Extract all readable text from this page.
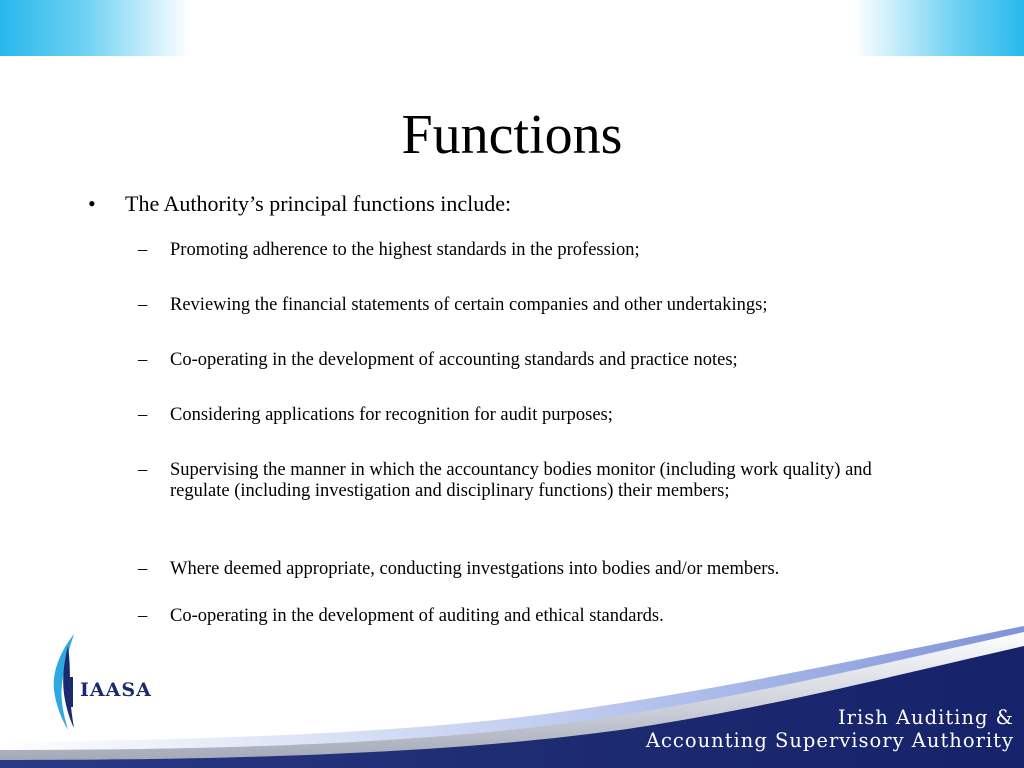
Functions
• The Authority’s principal functions include:
– Promoting adherence to the highest standards in the profession;
– Reviewing the financial statements of certain companies and other undertakings;
– Co-operating in the development of accounting standards and practice notes;
– Considering applications for recognition for audit purposes;
– Supervising the manner in which the accountancy bodies monitor (including work quality) and regulate (including investigation and disciplinary functions) their members;
– Where deemed appropriate, conducting investgations into bodies and/or members.
– Co-operating in the development of auditing and ethical standards.
IAASA
Irish Auditing &
Accounting Supervisory Authority
